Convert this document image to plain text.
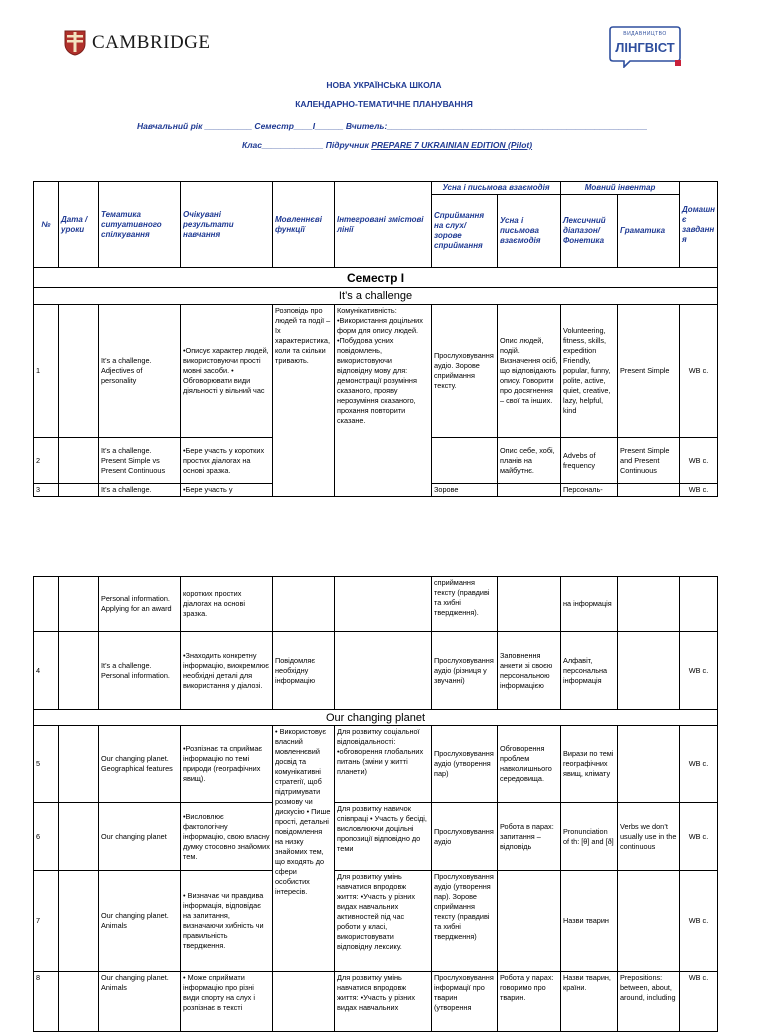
CAMBRIDGE	ВИДАВНИЦТВО
ЛІНГВІСТ
НОВА УКРАЇНСЬКА ШКОЛА
КАЛЕНДАРНО-ТЕМАТИЧНЕ ПЛАНУВАННЯ
Навчальний рік __________ Семестр____I______ Вчитель:_______________________________________________________
Клас_____________ Підручник PREPARE 7 UKRAINIAN EDITION (Pilot)
№	Дата / уроки	Тематика ситуативного спілкування	Очікувані результати навчання	Мовленнєві функції	Інтегровані змістові лінії	Усна і письмова взаємодія		Мовний інвентар		Домашнє завдання
						Сприймання на слух/ зорове сприймання	Усна і письмова взаємодія	Лексичний діапазон/ Фонетика	Граматика	
Семестр І										
It’s a challenge										
1		It’s a challenge. Adjectives of personality	•Описує характер людей, використовуючи прості мовні засоби. • Обговорювати види діяльності у вільний час	Розповідь про людей та події – їх характеристика, коли та скільки тривають.	Комунікативність: •Використання доцільних форм для опису людей. •Побудова усних повідомлень, використовуючи відповідну мову для: демонстрації розуміння сказаного, прояву нерозуміння сказаного, прохання повторити сказане.	Прослуховування аудіо. Зорове сприймання тексту.	Опис людей, подій. Визначення осіб, що відповідають опису. Говорити про досягнення – свої та інших.	Volunteering, fitness, skills, expedition Friendly, popular, funny, polite, active, quiet, creative, lazy, helpful, kind	Present Simple	WB c.
2		It’s a challenge. Present Simple vs Present Continuous	•Бере участь у коротких простих діалогах на основі зразка.				Опис себе, хобі, планів на майбутнє.	Advebs of frequency	Present Simple and Present Continuous	WB c.
3		It’s a challenge.	•Бере участь у			Зорове		Персональ-		WB c.
		Personal information. Applying for an award	коротких простих діалогах на основі зразка.			сприймання тексту (правдиві та хибні твердження).		на інформація		
4		It’s a challenge. Personal information.	•Знаходить конкретну інформацію, виокремлює необхідні деталі для використання у діалозі.	Повідомляє необхідну інформацію		Прослуховування аудіо (різниця у звучанні)	Заповнення анкети зі своєю персональною інформацією	Алфавіт, персональна інформація		WB c.
Our changing planet										
5		Our changing planet. Geographical features	•Розпізнає та сприймає інформацію по темі природи (географічних явищ).	• Використовує власний мовленнєвий досвід та комунікативні стратегії, щоб підтримувати розмову чи дискусію • Пише прості, детальні повідомлення на низку знайомих тем, що входять до сфери особистих інтересів.	Для розвитку соціальної відповідальності: •обговорення глобальних питань (зміни у житті планети)	Прослуховування аудіо (утворення пар)	Обговорення проблем навколишнього середовища.	Вирази по темі географічних явищ, клімату		WB c.
6		Our changing planet	•Висловлює фактологічну інформацію, свою власну думку стосовно знайомих тем.		Для розвитку навичок співпраці • Участь у бесіді, висловлюючи доцільні пропозиції відповідно до теми	Прослуховування аудіо	Робота в парах: запитання – відповідь	Pronunciation of th: [θ] and [ð]	Verbs we don’t usually use in the continuous	WB c.
7		Our changing planet. Animals	• Визначає чи правдива інформація, відповідає на запитання, визначаючи хибність чи правильність твердження.		Для розвитку умінь навчатися впродовж життя: •Участь у різних видах навчальних активностей під час роботи у класі, використовувати відповідну лексику.	Прослуховування аудіо (утворення пар). Зорове сприймання тексту (правдиві та хибні твердження)		Назви тварин		WB c.
8		Our changing planet. Animals	• Може сприймати інформацію про різні види спорту на слух і розпізнає в тексті		Для розвитку умінь навчатися впродовж життя: •Участь у різних видах навчальних	Прослуховування інформації про тварин (утворення	Робота у парах: говоримо про тварин.	Назви тварин, країни.	Prepositions: between, about, around, including	WB c.
